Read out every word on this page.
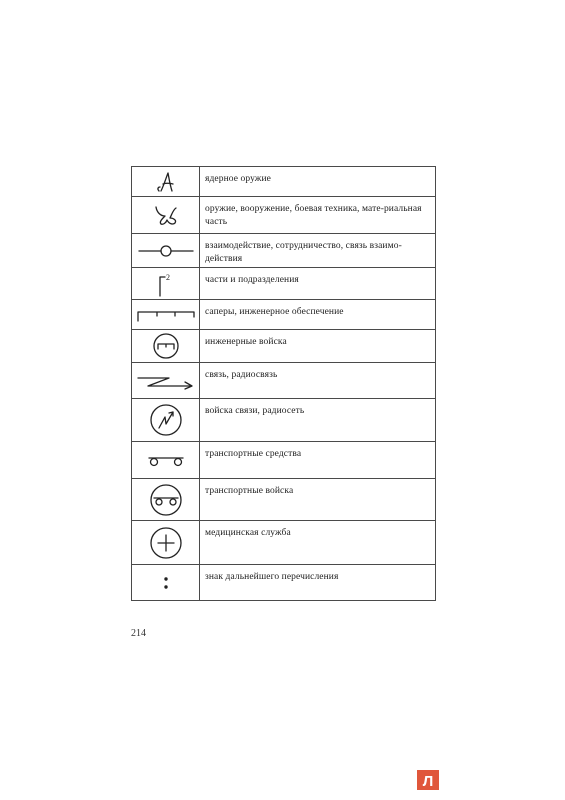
	ядерное оружие

	оружие, вооружение, боевая техника, мате-риальная часть

	взаимодействие, сотрудничество, связь взаимо-действия

2	части и подразделения

	саперы, инженерное обеспечение

	инженерные войска

	связь, радиосвязь

	войска связи, радиосеть

	транспортные средства

	транспортные войска

	медицинская служба

	знак дальнейшего перечисления
214
Л
